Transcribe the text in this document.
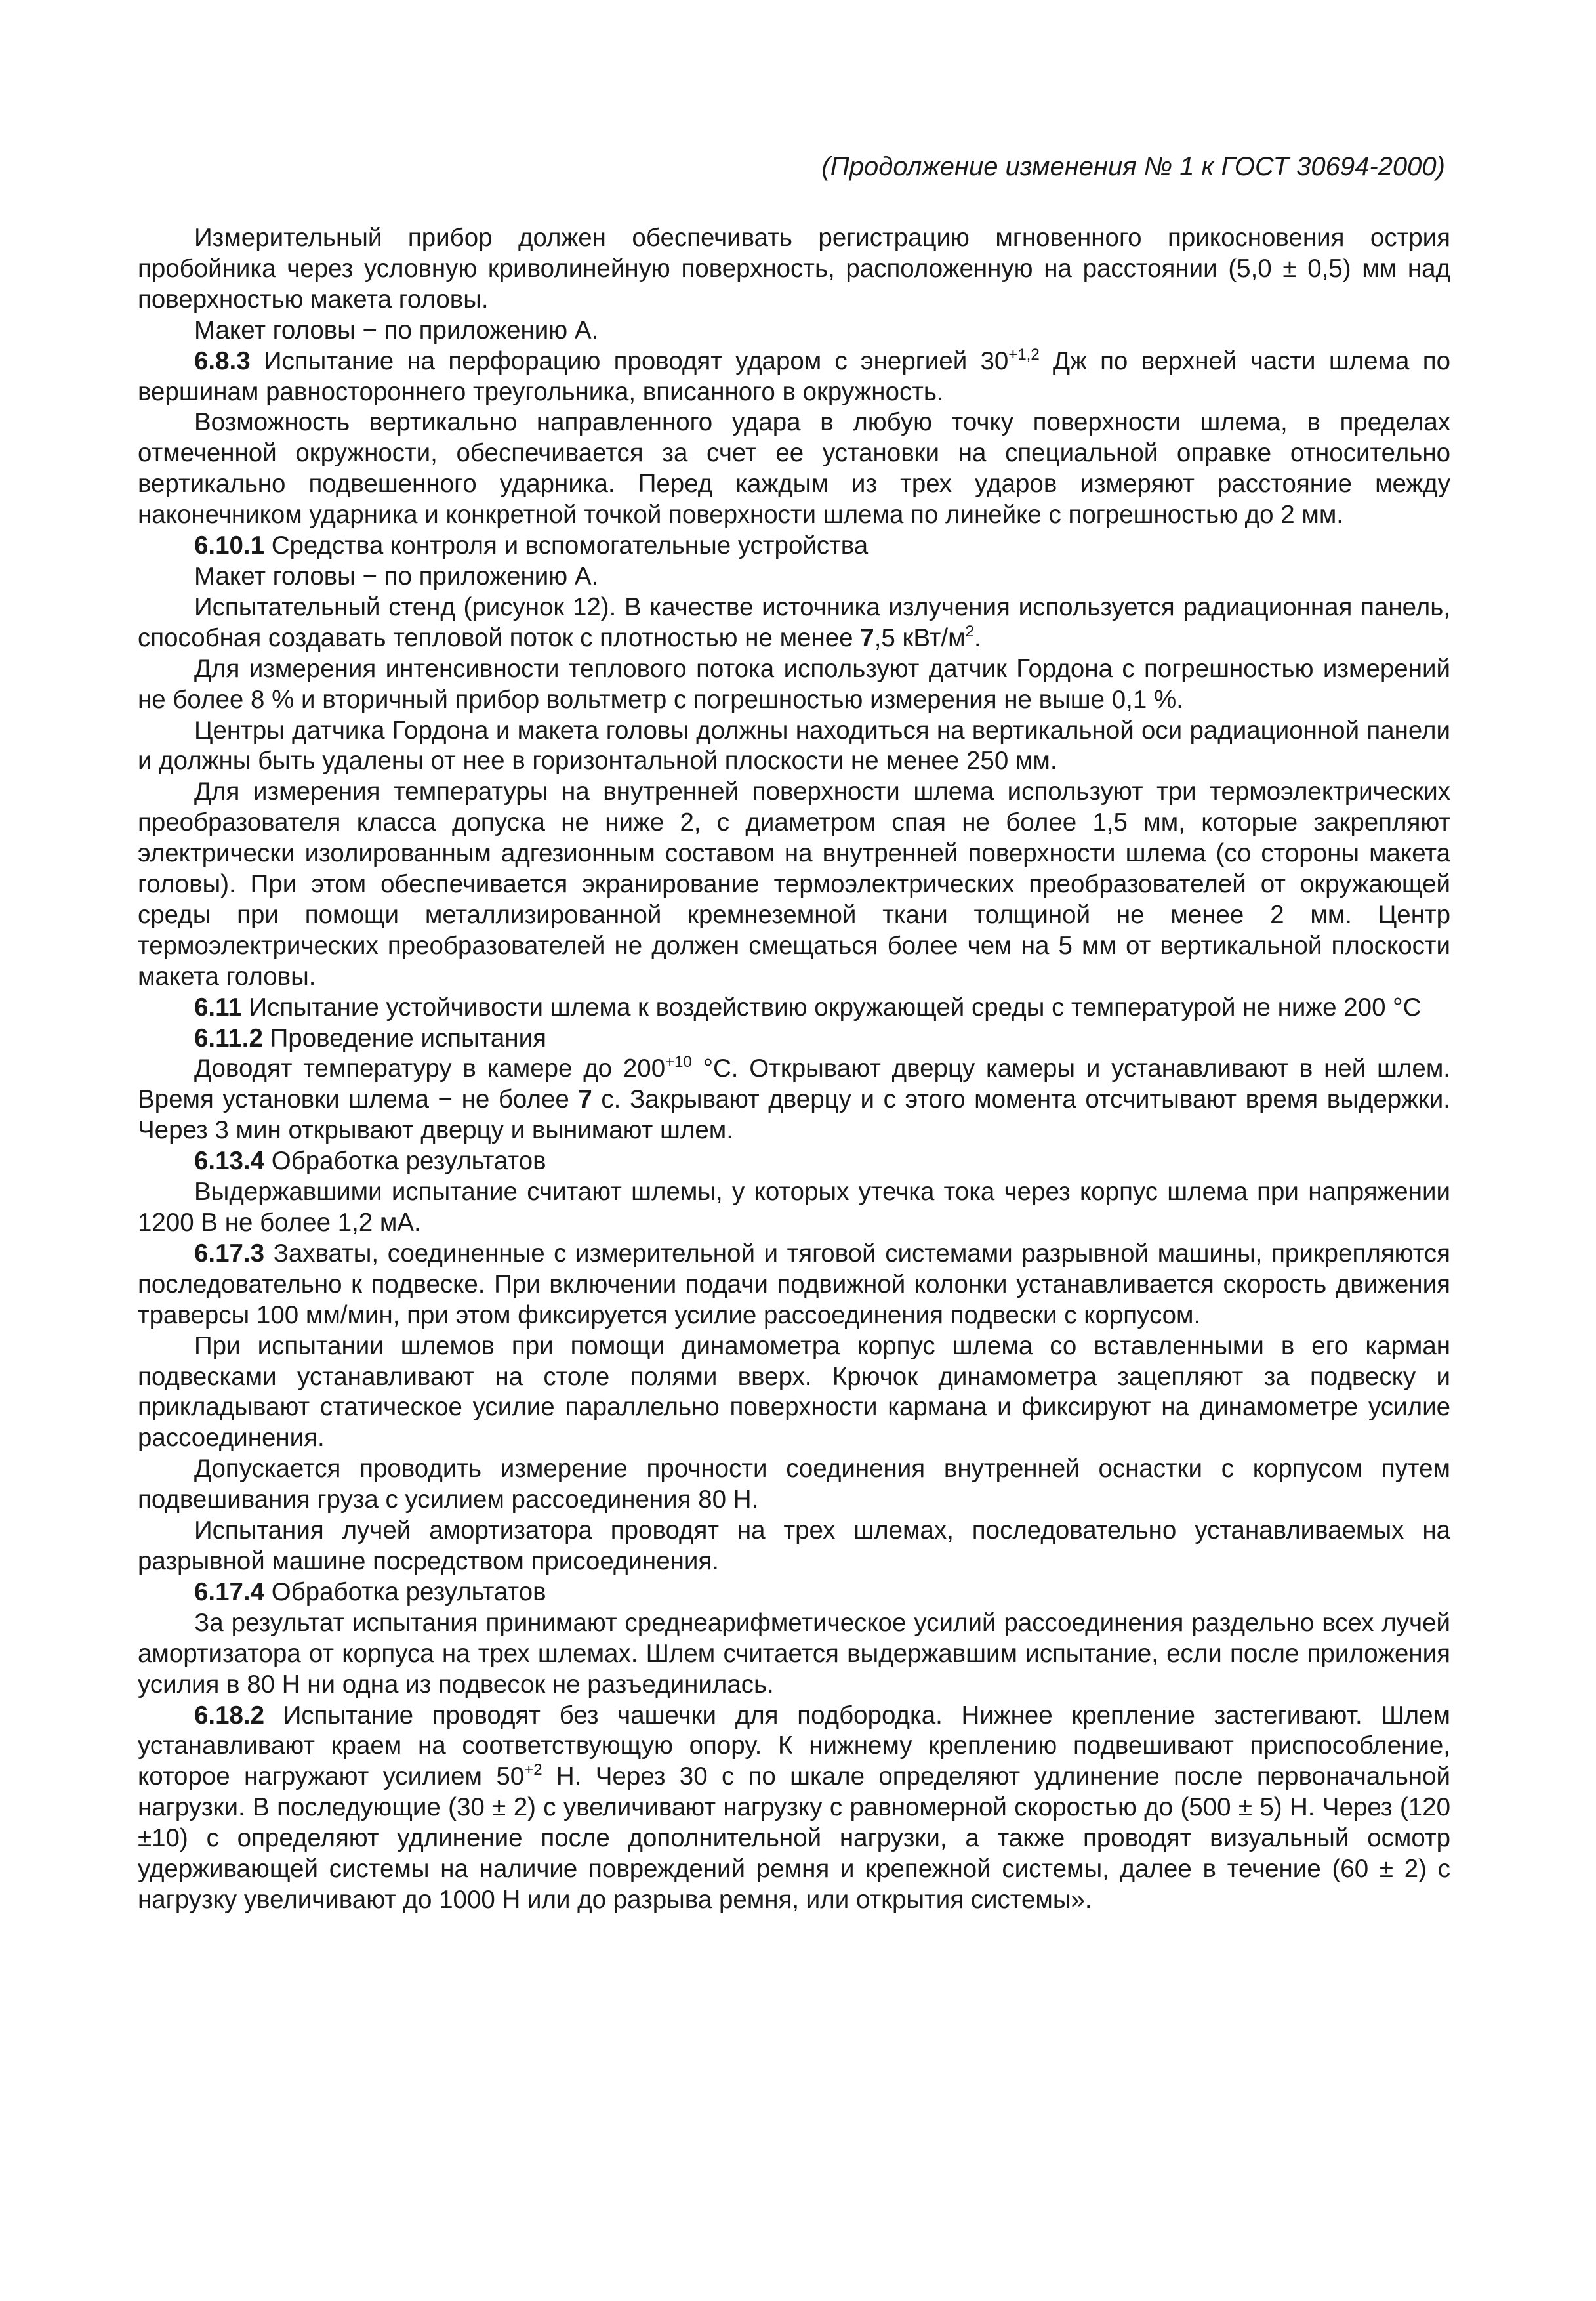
(Продолжение изменения № 1 к ГОСТ 30694-2000)

Измерительный прибор должен обеспечивать регистрацию мгновенного прикосновения острия пробойника через условную криволинейную поверхность, расположенную на расстоянии (5,0 ± 0,5) мм над поверхностью макета головы.

Макет головы − по приложению А.

6.8.3 Испытание на перфорацию проводят ударом с энергией $30^{+1,2}$ Дж по верхней части шлема по вершинам равностороннего треугольника, вписанного в окружность.

Возможность вертикально направленного удара в любую точку поверхности шлема, в пределах отмеченной окружности, обеспечивается за счет ее установки на специальной оправке относительно вертикально подвешенного ударника. Перед каждым из трех ударов измеряют расстояние между наконечником ударника и конкретной точкой поверхности шлема по линейке с погрешностью до 2 мм.

6.10.1 Средства контроля и вспомогательные устройства

Макет головы − по приложению А.

Испытательный стенд (рисунок 12). В качестве источника излучения используется радиационная панель, способная создавать тепловой поток с плотностью не менее 7,5 кВт/$м^2$.

Для измерения интенсивности теплового потока используют датчик Гордона с погрешностью измерений не более 8 % и вторичный прибор вольтметр с погрешностью измерения не выше 0,1 %.

Центры датчика Гордона и макета головы должны находиться на вертикальной оси радиационной панели и должны быть удалены от нее в горизонтальной плоскости не менее 250 мм.

Для измерения температуры на внутренней поверхности шлема используют три термоэлектрических преобразователя класса допуска не ниже 2, с диаметром спая не более 1,5 мм, которые закрепляют электрически изолированным адгезионным составом на внутренней поверхности шлема (со стороны макета головы). При этом обеспечивается экранирование термоэлектрических преобразователей от окружающей среды при помощи металлизированной кремнеземной ткани толщиной не менее 2 мм. Центр термоэлектрических преобразователей не должен смещаться более чем на 5 мм от вертикальной плоскости макета головы.

6.11 Испытание устойчивости шлема к воздействию окружающей среды с температурой не ниже 200 °С

6.11.2 Проведение испытания

Доводят температуру в камере до $200^{+10}$ °С. Открывают дверцу камеры и устанавливают в ней шлем. Время установки шлема − не более 7 с. Закрывают дверцу и с этого момента отсчитывают время выдержки. Через 3 мин открывают дверцу и вынимают шлем.

6.13.4 Обработка результатов

Выдержавшими испытание считают шлемы, у которых утечка тока через корпус шлема при напряжении 1200 В не более 1,2 мА.

6.17.3 Захваты, соединенные с измерительной и тяговой системами разрывной машины, прикрепляются последовательно к подвеске. При включении подачи подвижной колонки устанавливается скорость движения траверсы 100 мм/мин, при этом фиксируется усилие рассоединения подвески с корпусом.

При испытании шлемов при помощи динамометра корпус шлема со вставленными в его карман подвесками устанавливают на столе полями вверх. Крючок динамометра зацепляют за подвеску и прикладывают статическое усилие параллельно поверхности кармана и фиксируют на динамометре усилие рассоединения.

Допускается проводить измерение прочности соединения внутренней оснастки с корпусом путем подвешивания груза с усилием рассоединения 80 Н.

Испытания лучей амортизатора проводят на трех шлемах, последовательно устанавливаемых на разрывной машине посредством присоединения.

6.17.4 Обработка результатов

За результат испытания принимают среднеарифметическое усилий рассоединения раздельно всех лучей амортизатора от корпуса на трех шлемах. Шлем считается выдержавшим испытание, если после приложения усилия в 80 Н ни одна из подвесок не разъединилась.

6.18.2 Испытание проводят без чашечки для подбородка. Нижнее крепление застегивают. Шлем устанавливают краем на соответствующую опору. К нижнему креплению подвешивают приспособление, которое нагружают усилием $50^{+2}$ Н. Через 30 с по шкале определяют удлинение после первоначальной нагрузки. В последующие (30 ± 2) с увеличивают нагрузку с равномерной скоростью до (500 ± 5) Н. Через (120 ±10) с определяют удлинение после дополнительной нагрузки, а также проводят визуальный осмотр удерживающей системы на наличие повреждений ремня и крепежной системы, далее в течение (60 ± 2) с нагрузку увеличивают до 1000 Н или до разрыва ремня, или открытия системы».
